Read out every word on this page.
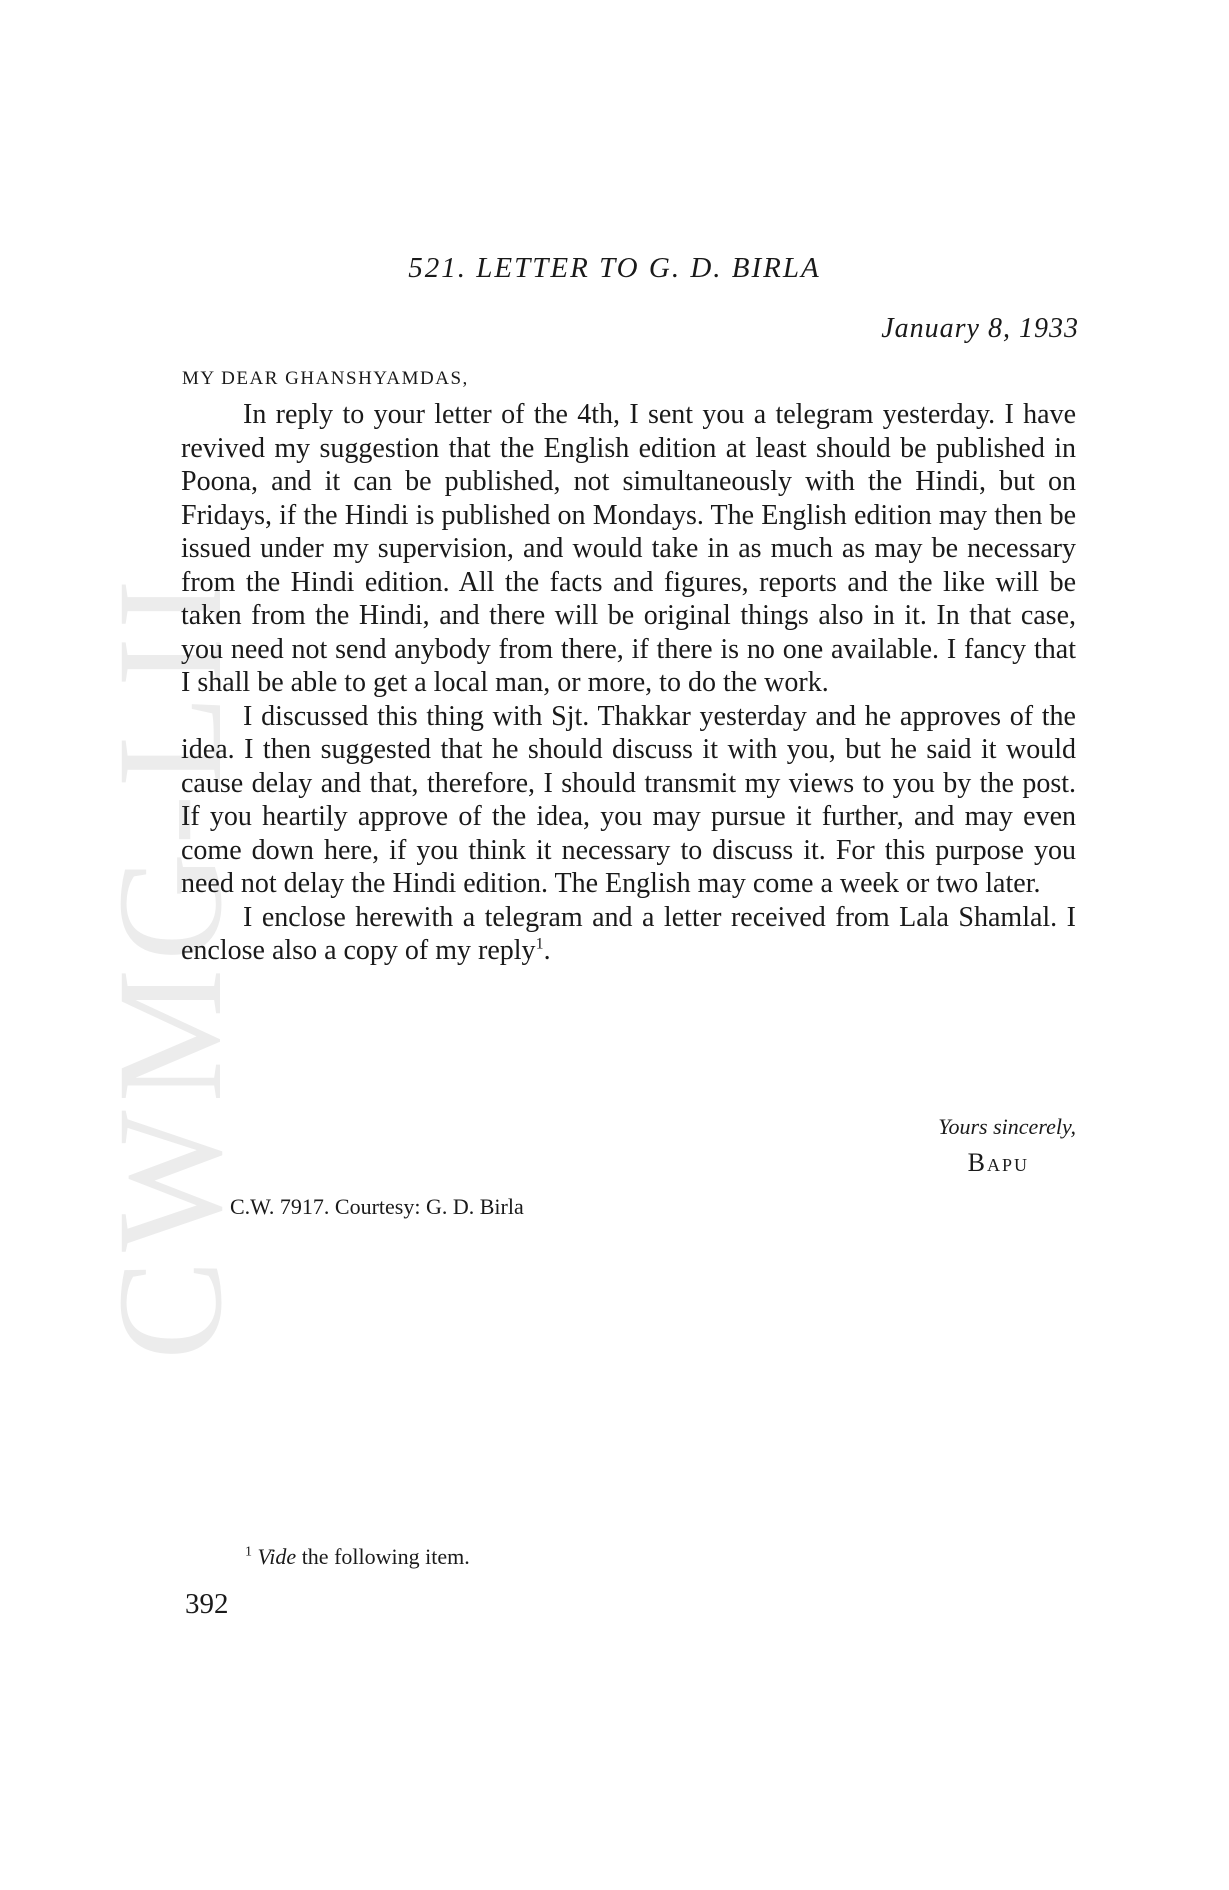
CWMG-LII
521. LETTER TO G. D. BIRLA
January 8, 1933
MY DEAR GHANSHYAMDAS,

In reply to your letter of the 4th, I sent you a telegram yesterday. I have revived my suggestion that the English edition at least should be published in Poona, and it can be published, not simultaneously with the Hindi, but on Fridays, if the Hindi is published on Mondays. The English edition may then be issued under my supervision, and would take in as much as may be necessary from the Hindi edition. All the facts and figures, reports and the like will be taken from the Hindi, and there will be original things also in it. In that case, you need not send anybody from there, if there is no one available. I fancy that I shall be able to get a local man, or more, to do the work.

I discussed this thing with Sjt. Thakkar yesterday and he approves of the idea. I then suggested that he should discuss it with you, but he said it would cause delay and that, therefore, I should transmit my views to you by the post. If you heartily approve of the idea, you may pursue it further, and may even come down here, if you think it necessary to discuss it. For this purpose you need not delay the Hindi edition. The English may come a week or two later.

I enclose herewith a telegram and a letter received from Lala Shamlal. I enclose also a copy of my reply$^1$.

Yours sincerely,
Bapu
C.W. 7917. Courtesy: G. D. Birla
$^1$ Vide the following item.
392
